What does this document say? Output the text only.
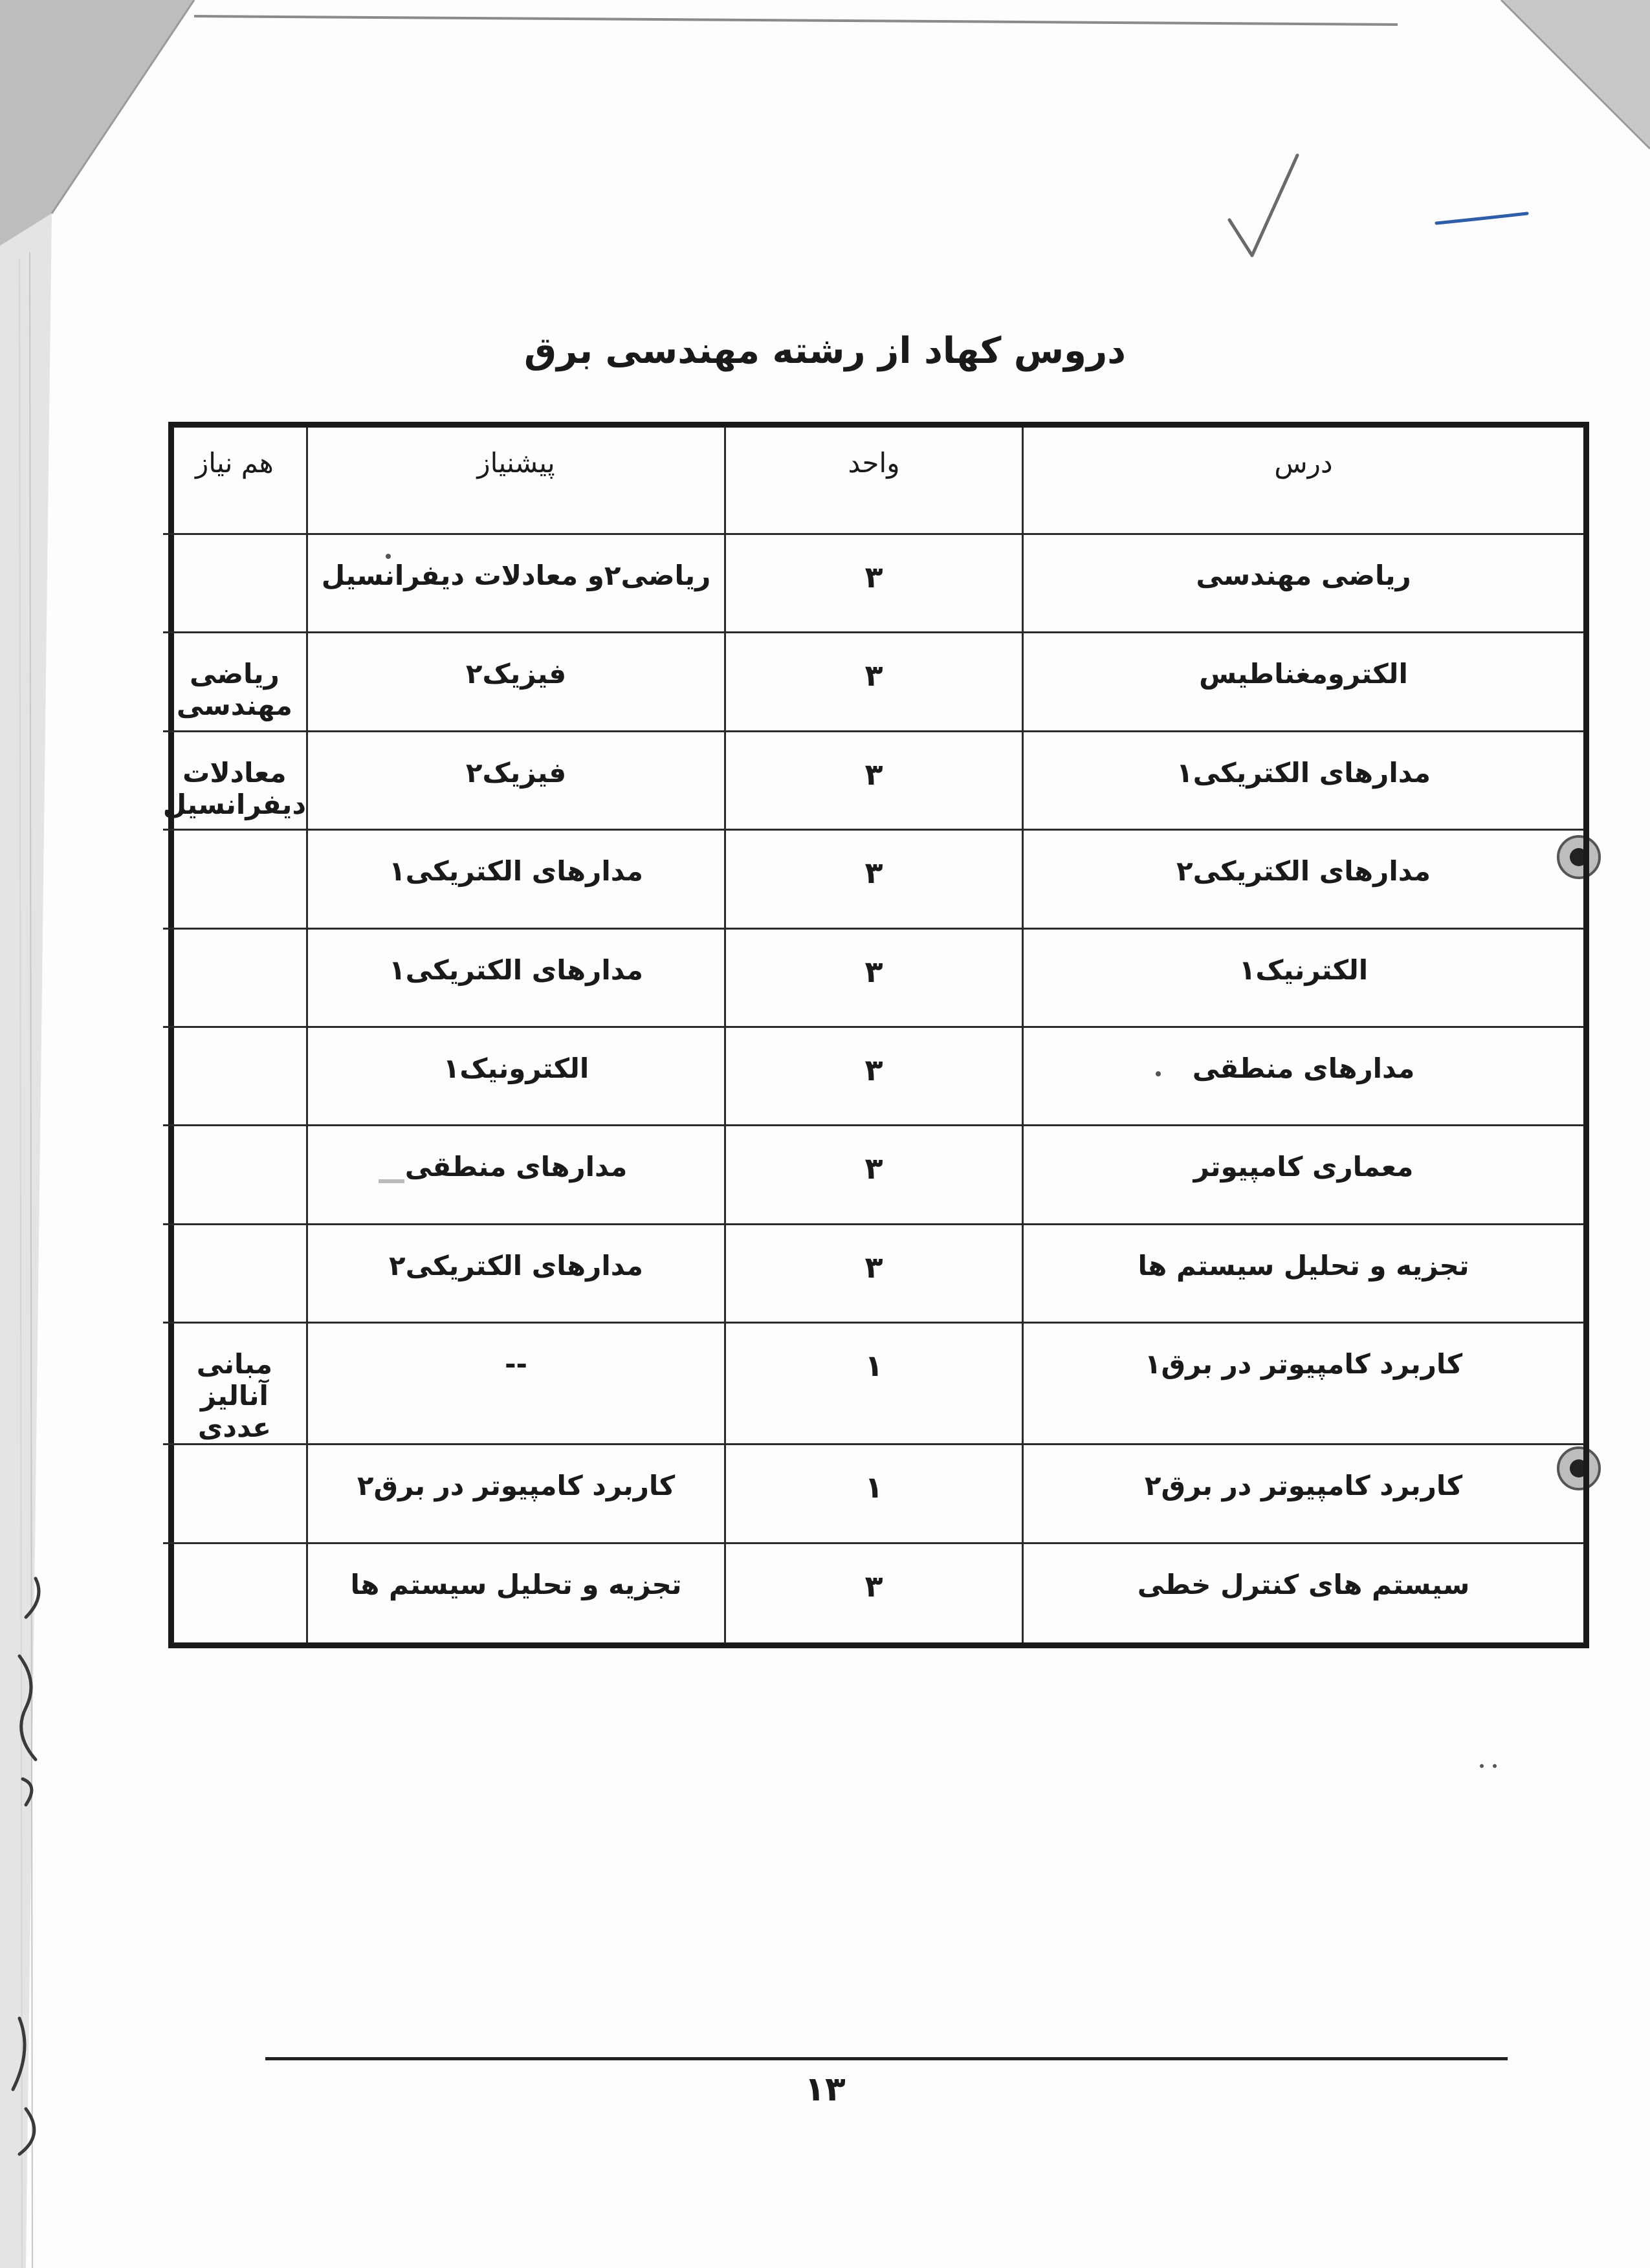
دروس کهاد از رشته مهندسی برق
درس
واحد
پیشنیاز
هم نیاز
ریاضی مهندسی
۳
ریاضی۲و معادلات دیفرانسیل
الکترومغناطیس
۳
فیزیک۲
ریاضی مهندسی
مدارهای الکتریکی۱
۳
فیزیک۲
معادلات دیفرانسیل
مدارهای الکتریکی۲
۳
مدارهای الکتریکی۱
الکترنیک۱
۳
مدارهای الکتریکی۱
مدارهای منطقی
۳
الکترونیک۱
معماری کامپیوتر
۳
مدارهای منطقی
تجزیه و تحلیل سیستم ها
۳
مدارهای الکتریکی۲
کاربرد کامپیوتر در برق۱
۱
--
مبانی آنالیز عددی
کاربرد کامپیوتر در برق۲
۱
کاربرد کامپیوتر در برق۲
سیستم های کنترل خطی
۳
تجزیه و تحلیل سیستم ها
۱۳
